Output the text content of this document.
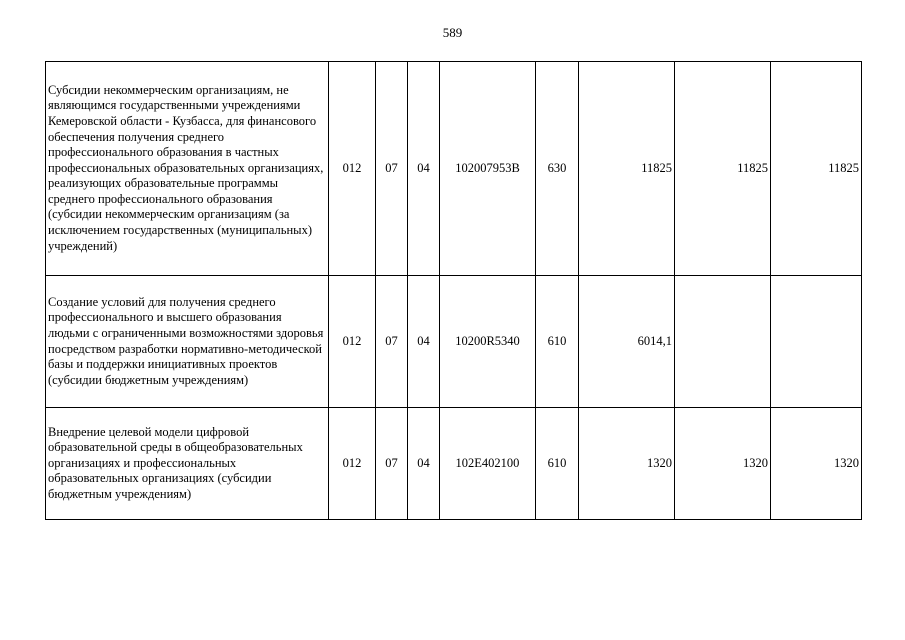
589
Субсидии некоммерческим организациям, не являющимся государственными учреждениями Кемеровской области - Кузбасса, для финансового обеспечения получения среднего профессионального образования в частных профессиональных образовательных организациях, реализующих образовательные программы среднего профессионального образования (субсидии некоммерческим организациям (за исключением государственных (муниципальных) учреждений)	012	07	04	102007953В	630	11825	11825	11825
Создание условий для получения среднего профессионального и высшего образования людьми с ограниченными возможностями здоровья посредством разработки нормативно-методической базы и поддержки инициативных проектов (субсидии бюджетным учреждениям)	012	07	04	10200R5340	610	6014,1		
Внедрение целевой модели цифровой образовательной среды в общеобразовательных организациях и профессиональных образовательных организациях (субсидии бюджетным учреждениям)	012	07	04	102E402100	610	1320	1320	1320
